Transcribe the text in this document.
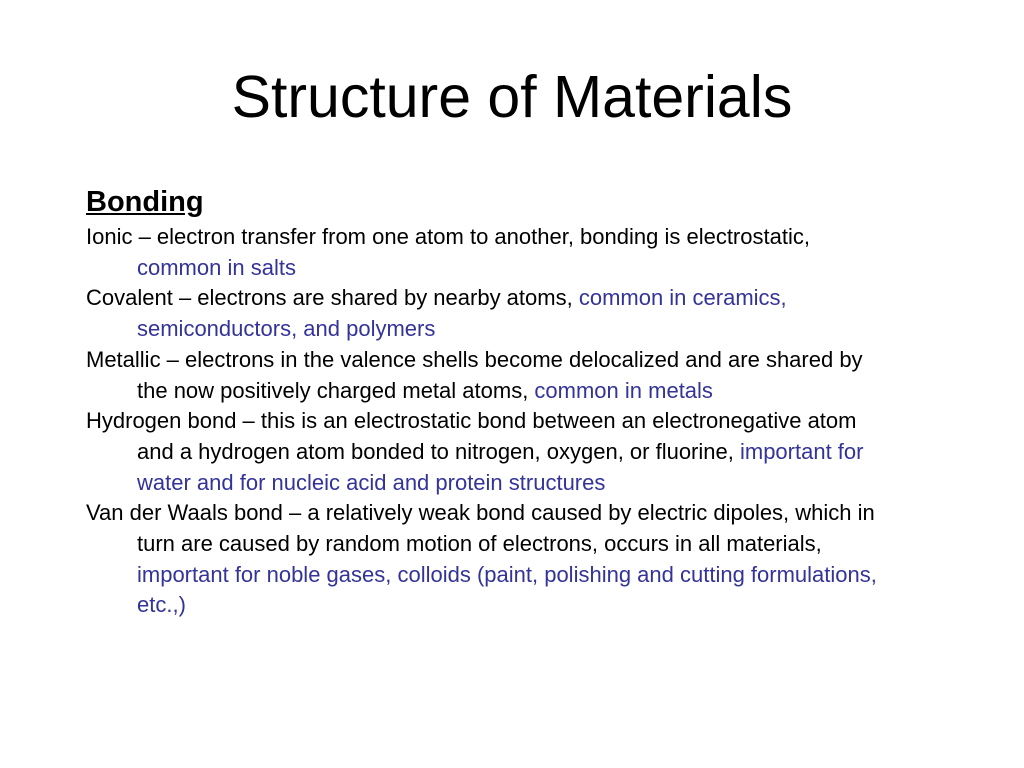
Structure of Materials
Bonding

Ionic – electron transfer from one atom to another, bonding is electrostatic, common in salts

Covalent – electrons are shared by nearby atoms, common in ceramics, semiconductors, and polymers

Metallic – electrons in the valence shells become delocalized and are shared by the now positively charged metal atoms, common in metals

Hydrogen bond – this is an electrostatic bond between an electronegative atom and a hydrogen atom bonded to nitrogen, oxygen, or fluorine, important for water and for nucleic acid and protein structures

Van der Waals bond – a relatively weak bond caused by electric dipoles, which in turn are caused by random motion of electrons, occurs in all materials, important for noble gases, colloids (paint, polishing and cutting formulations, etc.,)
